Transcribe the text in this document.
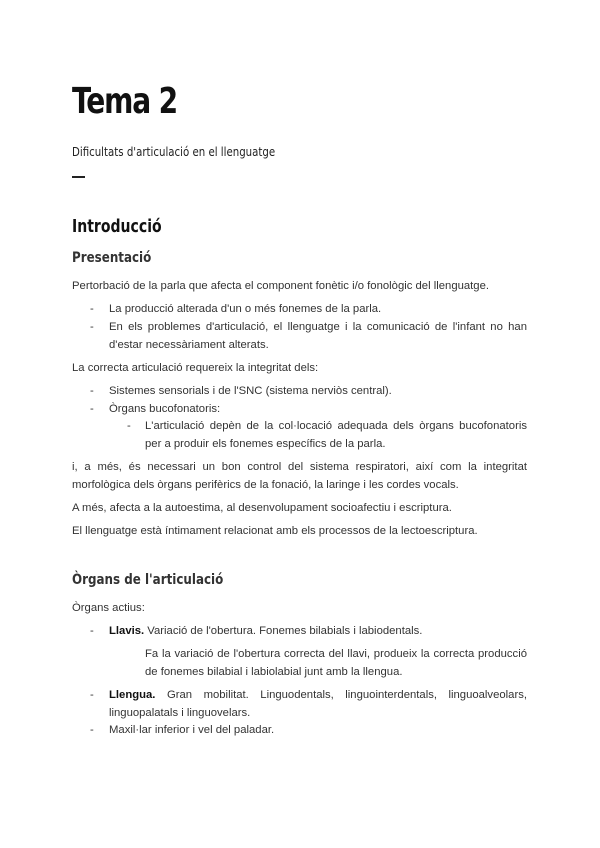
Tema 2
Dificultats d'articulació en el llenguatge
Introducció
Presentació

Pertorbació de la parla que afecta el component fonètic i/o fonològic del llenguatge.

- La producció alterada d'un o més fonemes de la parla.
- En els problemes d'articulació, el llenguatge i la comunicació de l'infant no han d'estar necessàriament alterats.

La correcta articulació requereix la integritat dels:

- Sistemes sensorials i de l'SNC (sistema nerviòs central).
- Òrgans bucofonatoris:
- L'articulació depèn de la col·locació adequada dels òrgans bucofonatoris per a produir els fonemes específics de la parla.

i, a més, és necessari un bon control del sistema respiratori, així com la integritat morfològica dels òrgans perifèrics de la fonació, la laringe i les cordes vocals.

A més, afecta a la autoestima, al desenvolupament socioafectiu i escriptura.

El llenguatge està íntimament relacionat amb els processos de la lectoescriptura.

Òrgans de l'articulació

Òrgans actius:

- Llavis. Variació de l'obertura. Fonemes bilabials i labiodentals.
Fa la variació de l'obertura correcta del llavi, produeix la correcta producció de fonemes bilabial i labiolabial junt amb la llengua.
- Llengua. Gran mobilitat. Linguodentals, linguointerdentals, linguoalveolars, linguopalatals i linguovelars.
- Maxil·lar inferior i vel del paladar.
